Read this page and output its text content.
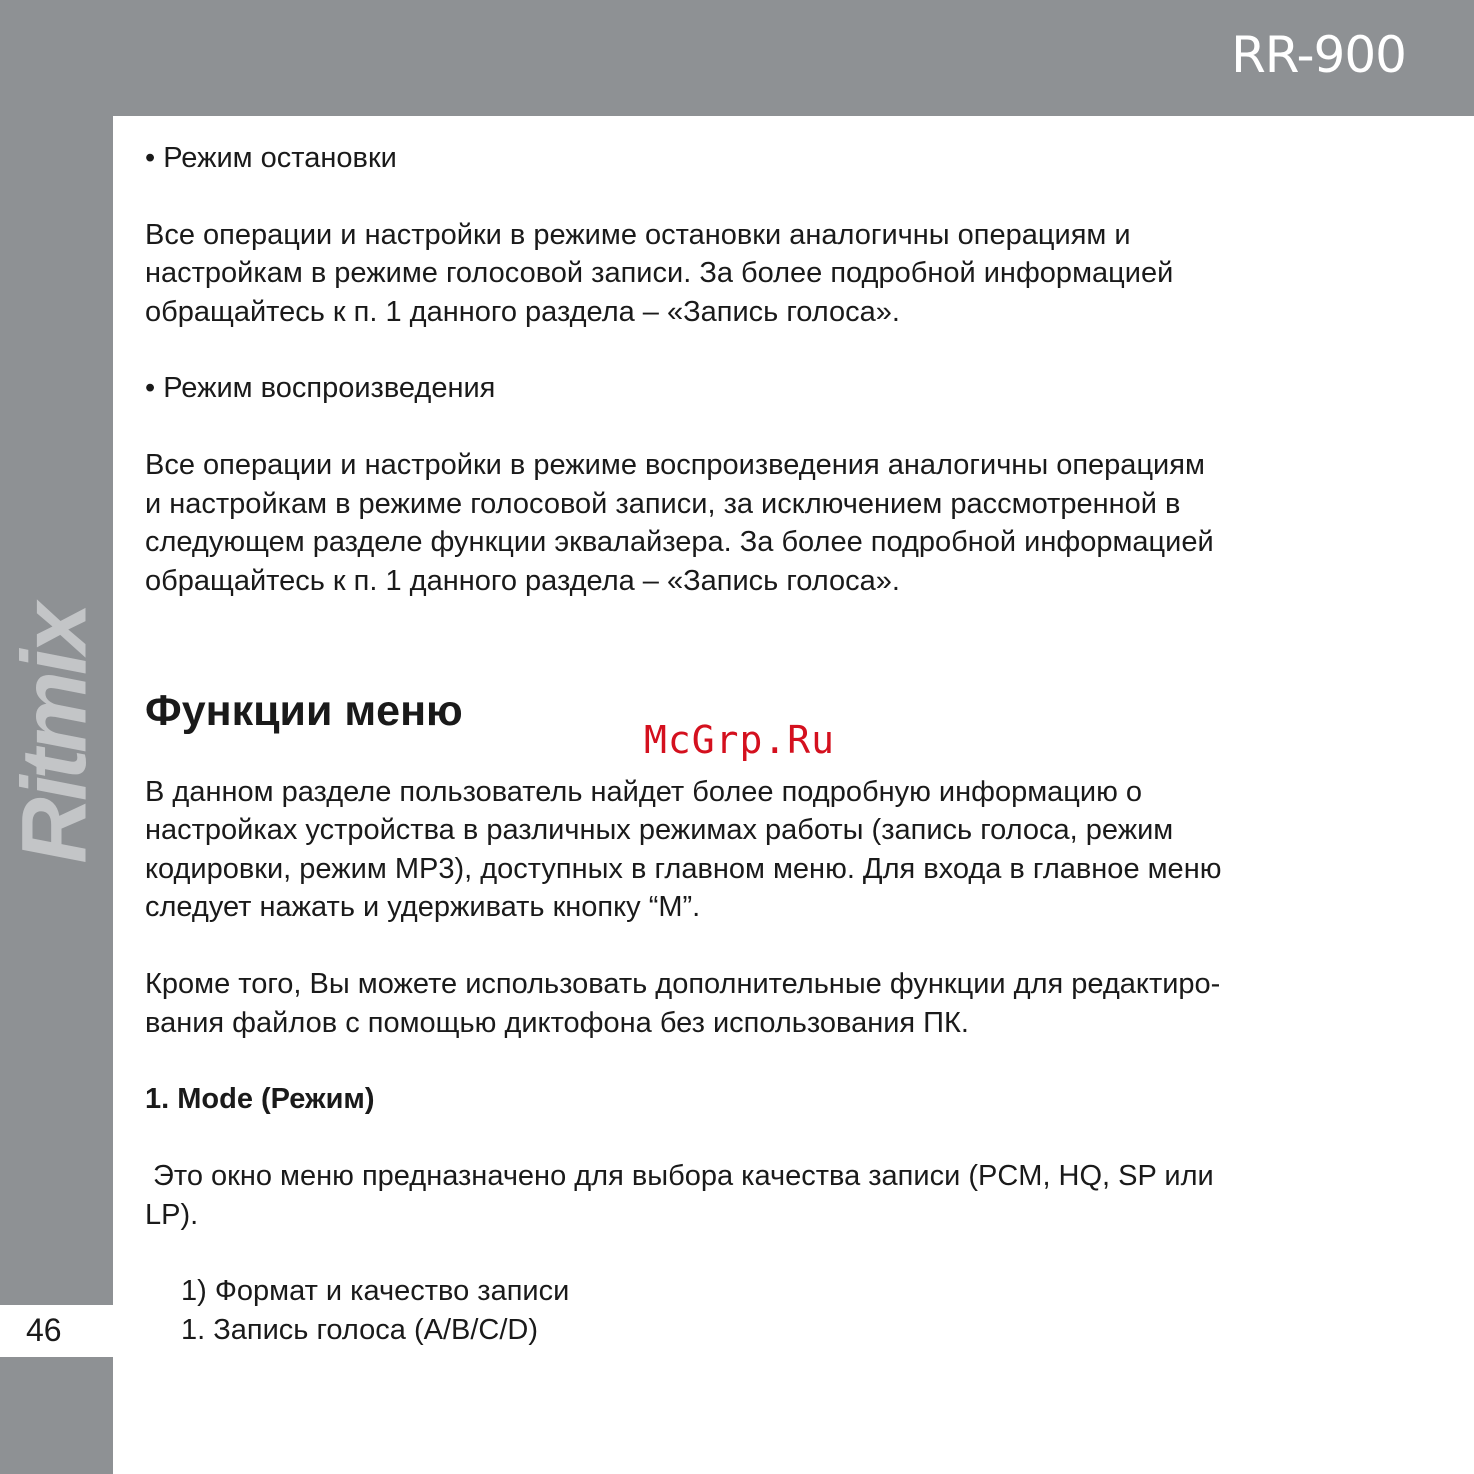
RR-900
Ritmix
46
• Режим остановки
Все операции и настройки в режиме остановки аналогичны операциям и
настройкам в режиме голосовой записи. За более подробной информацией
обращайтесь к п. 1 данного раздела – «Запись голоса».
• Режим воспроизведения
Все операции и настройки в режиме воспроизведения аналогичны операциям
и настройкам в режиме голосовой записи, за исключением рассмотренной в
следующем разделе функции эквалайзера. За более подробной информацией
обращайтесь к п. 1 данного раздела – «Запись голоса».
Функции меню
В данном разделе пользователь найдет более подробную информацию о
настройках устройства в различных режимах работы (запись голоса, режим
кодировки, режим MP3), доступных в главном меню. Для входа в главное меню
следует нажать и удерживать кнопку “М”.
Кроме того, Вы можете использовать дополнительные функции для редактиро-
вания файлов с помощью диктофона без использования ПК.
1. Mode (Режим)
Это окно меню предназначено для выбора качества записи (PCM, HQ, SP или
LP).
1) Формат и качество записи
1. Запись голоса (A/B/C/D)
McGrp.Ru
